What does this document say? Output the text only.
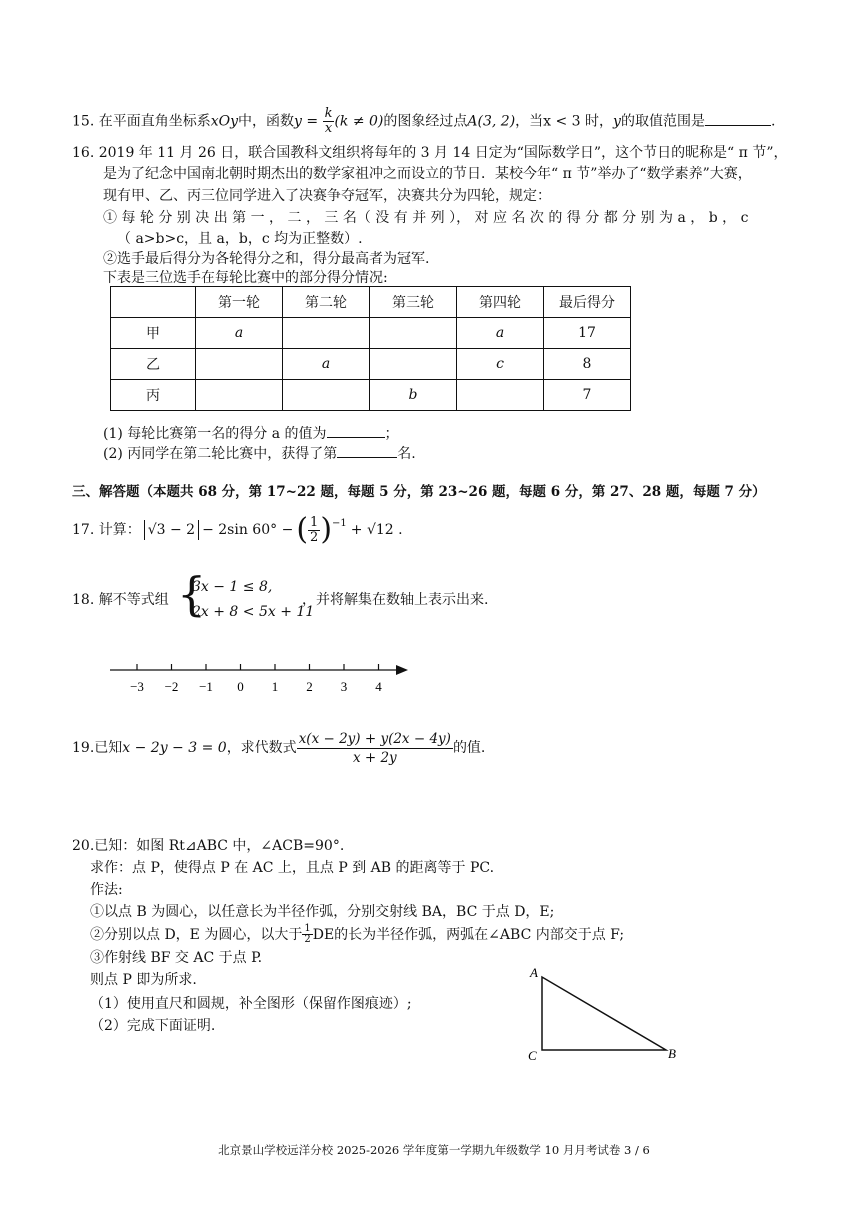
15. 在平面直角坐标系xOy中，函数$y = \frac{k}{x} (k \ne 0)$的图象经过点A(3, 2)，当x < 3 时，y的取值范围是	.
16. 2019 年 11 月 26 日，联合国教科文组织将每年的 3 月 14 日定为“国际数学日”，这个节日的昵称是“ π 节”，
是为了纪念中国南北朝时期杰出的数学家祖冲之而设立的节日．某校今年“ π 节”举办了“数学素养”大赛，
现有甲、乙、丙三位同学进入了决赛争夺冠军，决赛共分为四轮，规定：
① 每 轮 分 别 决 出 第 一 ， 二 ， 三 名（ 没 有 并 列 ）， 对 应 名 次 的 得 分 都 分 别 为 a ， b ， c
（ a>b>c，且 a，b，c 均为正整数）.
②选手最后得分为各轮得分之和，得分最高者为冠军.
下表是三位选手在每轮比赛中的部分得分情况:
	第一轮	第二轮	第三轮	第四轮	最后得分
甲	a			a	17
乙		a		c	8
丙			b		7
(1) 每轮比赛第一名的得分 a 的值为	；
(2) 丙同学在第二轮比赛中，获得了第	名.
三、解答题（本题共 68 分，第 17~22 题，每题 5 分，第 23~26 题，每题 6 分，第 27、28 题，每题 7 分）
17.
计算： √3 − 2 − 2sin 60° − ( $\frac{1}{2} )^{-1} + √12$ .
18. 解不等式组 {
3x − 1 ≤ 8,
2x + 8 < 5x + 11
，并将解集在数轴上表示出来.
−3 −2 −1 0 1 2 3 4
19. 已知 x − 2y − 3 = 0 ，求代数式 $\frac{x(x - 2y) + y(2x - 4y)}{x + 2y}$ 的值.
20.已知：如图 Rt⊿ABC 中，∠ACB=90°.
求作：点 P，使得点 P 在 AC 上，且点 P 到 AB 的距离等于 PC.
作法:
①以点 B 为圆心，以任意长为半径作弧，分别交射线 BA，BC 于点 D，E;
②分别以点 D，E 为圆心，以大于 $\frac{1}{2}$ DE的长为半径作弧，两弧在∠ABC 内部交于点 F;
③作射线 BF 交 AC 于点 P.
则点 P 即为所求.
（1）使用直尺和圆规，补全图形（保留作图痕迹）;
（2）完成下面证明.
A
C	B
北京景山学校远洋分校 2025-2026 学年度第一学期九年级数学 10 月月考试卷 3 / 6
